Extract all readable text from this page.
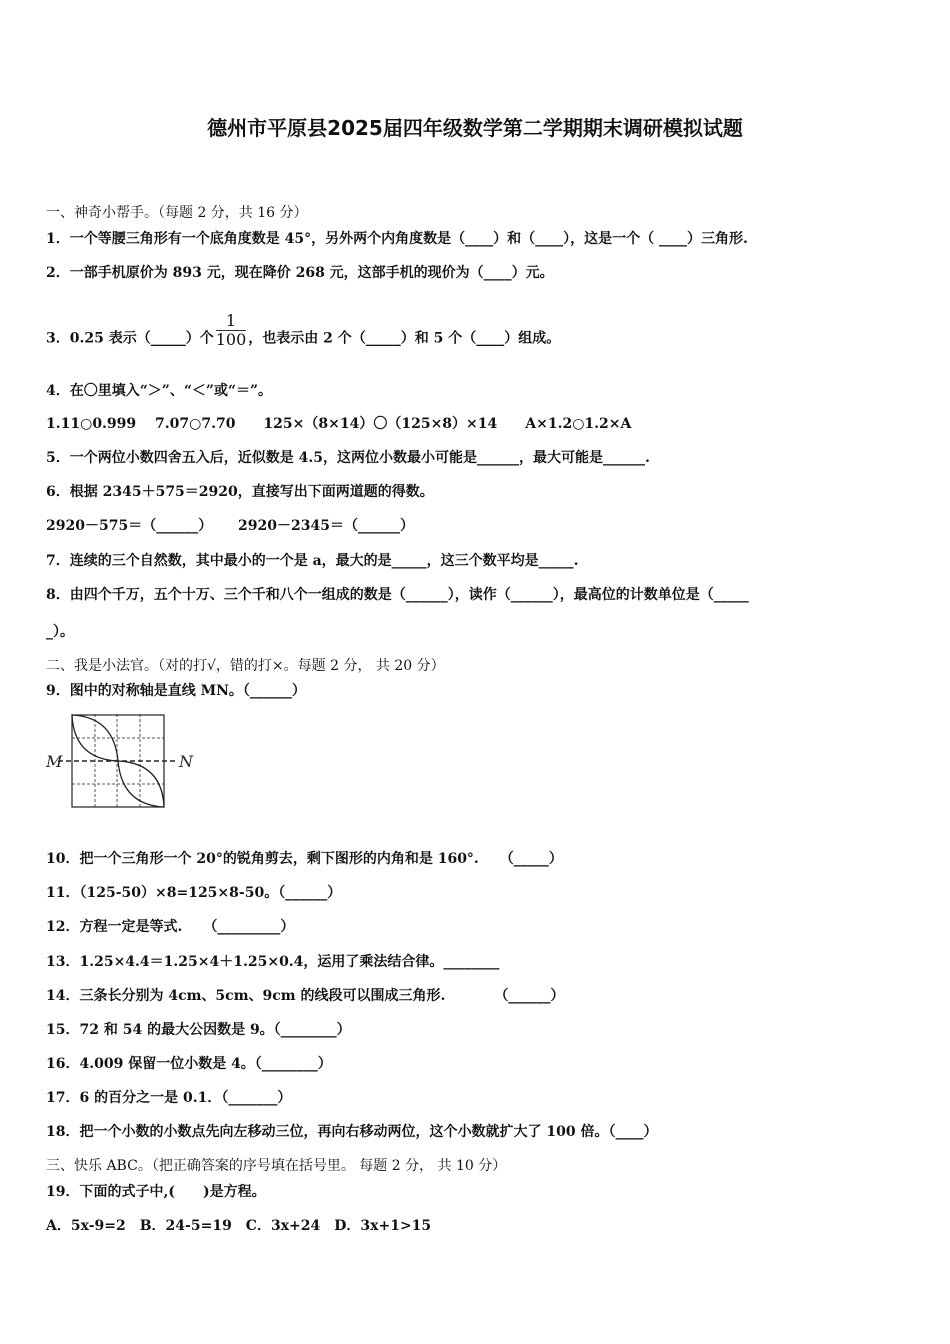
德州市平原县2025届四年级数学第二学期期末调研模拟试题
一、神奇小帮手。（每题 2 分，共 16 分）
1．一个等腰三角形有一个底角度数是 45°，另外两个内角度数是（____）和（____），这是一个（ ____）三角形.
2．一部手机原价为 893 元，现在降价 268 元，这部手机的现价为（____）元。
3．0.25 表示（_____）个 $\frac{1}{100}$ ，也表示由 2 个（_____）和 5 个（____）组成。
4．在〇里填入“＞”、“＜”或“＝”。
1.11○0.999　 7.07○7.70　　125×（8×14）〇（125×8）×14　　A×1.2○1.2×A
5．一个两位小数四舍五入后，近似数是 4.5，这两位小数最小可能是______，最大可能是______.
6．根据 2345＋575＝2920，直接写出下面两道题的得数。
2920－575＝（______）　　 2920－2345＝（______）
7．连续的三个自然数，其中最小的一个是 a，最大的是_____，这三个数平均是_____.
8．由四个千万，五个十万、三个千和八个一组成的数是（______），读作（______），最高位的计数单位是（_____
_）。
二、我是小法官。（对的打√，错的打×。每题 2 分， 共 20 分）
9．图中的对称轴是直线 MN。（______）
M	N
10．把一个三角形一个 20°的锐角剪去，剩下图形的内角和是 160°.　　（_____）
11．（125-50）×8=125×8-50。（______）
12．方程一定是等式.　　（_________）
13．1.25×4.4＝1.25×4＋1.25×0.4，运用了乘法结合律。________
14．三条长分别为 4cm、5cm、9cm 的线段可以围成三角形.　　　　（______）
15．72 和 54 的最大公因数是 9。（________）
16．4.009 保留一位小数是 4。（________）
17．6 的百分之一是 0.1．（_______）
18．把一个小数的小数点先向左移动三位，再向右移动两位，这个小数就扩大了 100 倍。（____）
三、快乐 ABC。（把正确答案的序号填在括号里。 每题 2 分， 共 10 分）
19．下面的式子中,(　　)是方程。
A．5x-9=2　B．24-5=19　C．3x+24　D．3x+1>15
